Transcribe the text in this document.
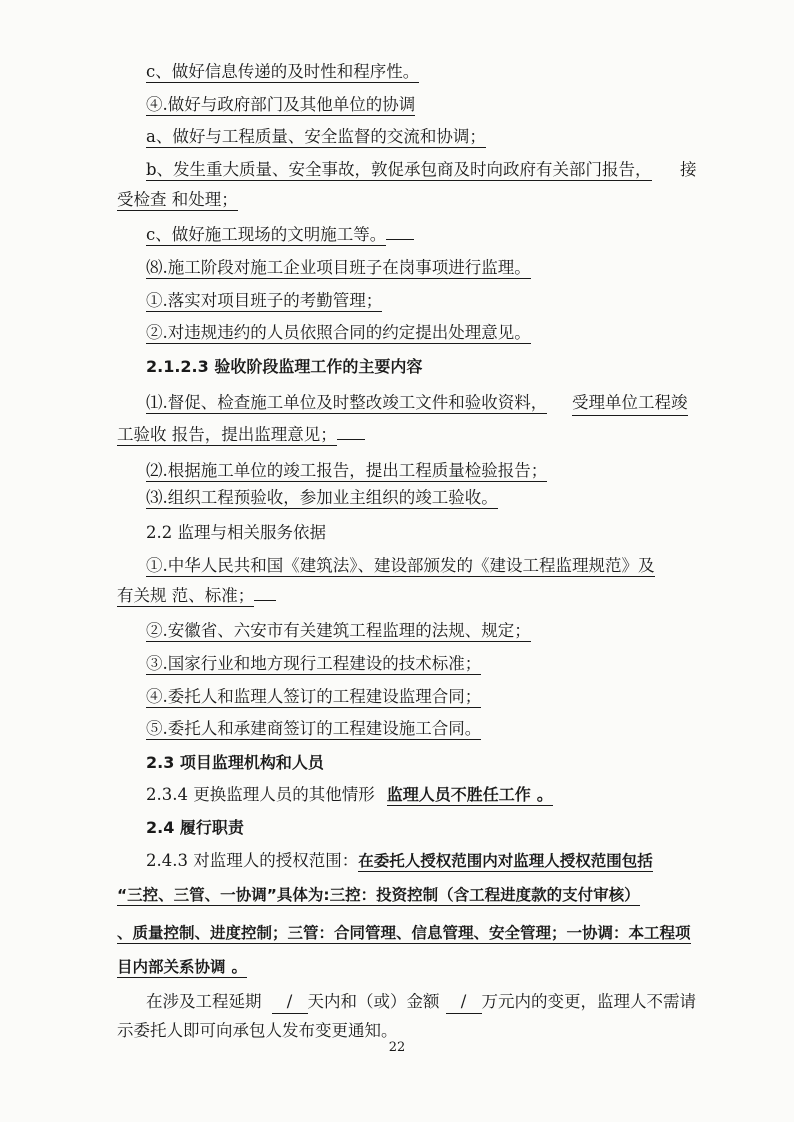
c、做好信息传递的及时性和程序性。
④.做好与政府部门及其他单位的协调
a、做好与工程质量、安全监督的交流和协调；
b、发生重大质量、安全事故，敦促承包商及时向政府有关部门报告， 接
受检查 和处理；
c、做好施工现场的文明施工等。
⑻.施工阶段对施工企业项目班子在岗事项进行监理。
①.落实对项目班子的考勤管理；
②.对违规违约的人员依照合同的约定提出处理意见。
2.1.2.3 验收阶段监理工作的主要内容
⑴.督促、检查施工单位及时整改竣工文件和验收资料， 受理单位工程竣
工验收 报告，提出监理意见；
⑵.根据施工单位的竣工报告，提出工程质量检验报告；
⑶.组织工程预验收，参加业主组织的竣工验收。
2.2 监理与相关服务依据
①.中华人民共和国《建筑法》、建设部颁发的《建设工程监理规范》及
有关规 范、标准；
②.安徽省、六安市有关建筑工程监理的法规、规定；
③.国家行业和地方现行工程建设的技术标准；
④.委托人和监理人签订的工程建设监理合同；
⑤.委托人和承建商签订的工程建设施工合同。
2.3 项目监理机构和人员
2.3.4 更换监理人员的其他情形 监理人员不胜任工作 。
2.4 履行职责
2.4.3 对监理人的授权范围：在委托人授权范围内对监理人授权范围包括
“三控、三管、一协调”具体为:三控：投资控制（含工程进度款的支付审核）
、质量控制、进度控制；三管：合同管理、信息管理、安全管理；一协调：本工程项
目内部关系协调 。
在涉及工程延期 / 天内和（或）金额 / 万元内的变更，监理人不需请
示委托人即可向承包人发布变更通知。
22
